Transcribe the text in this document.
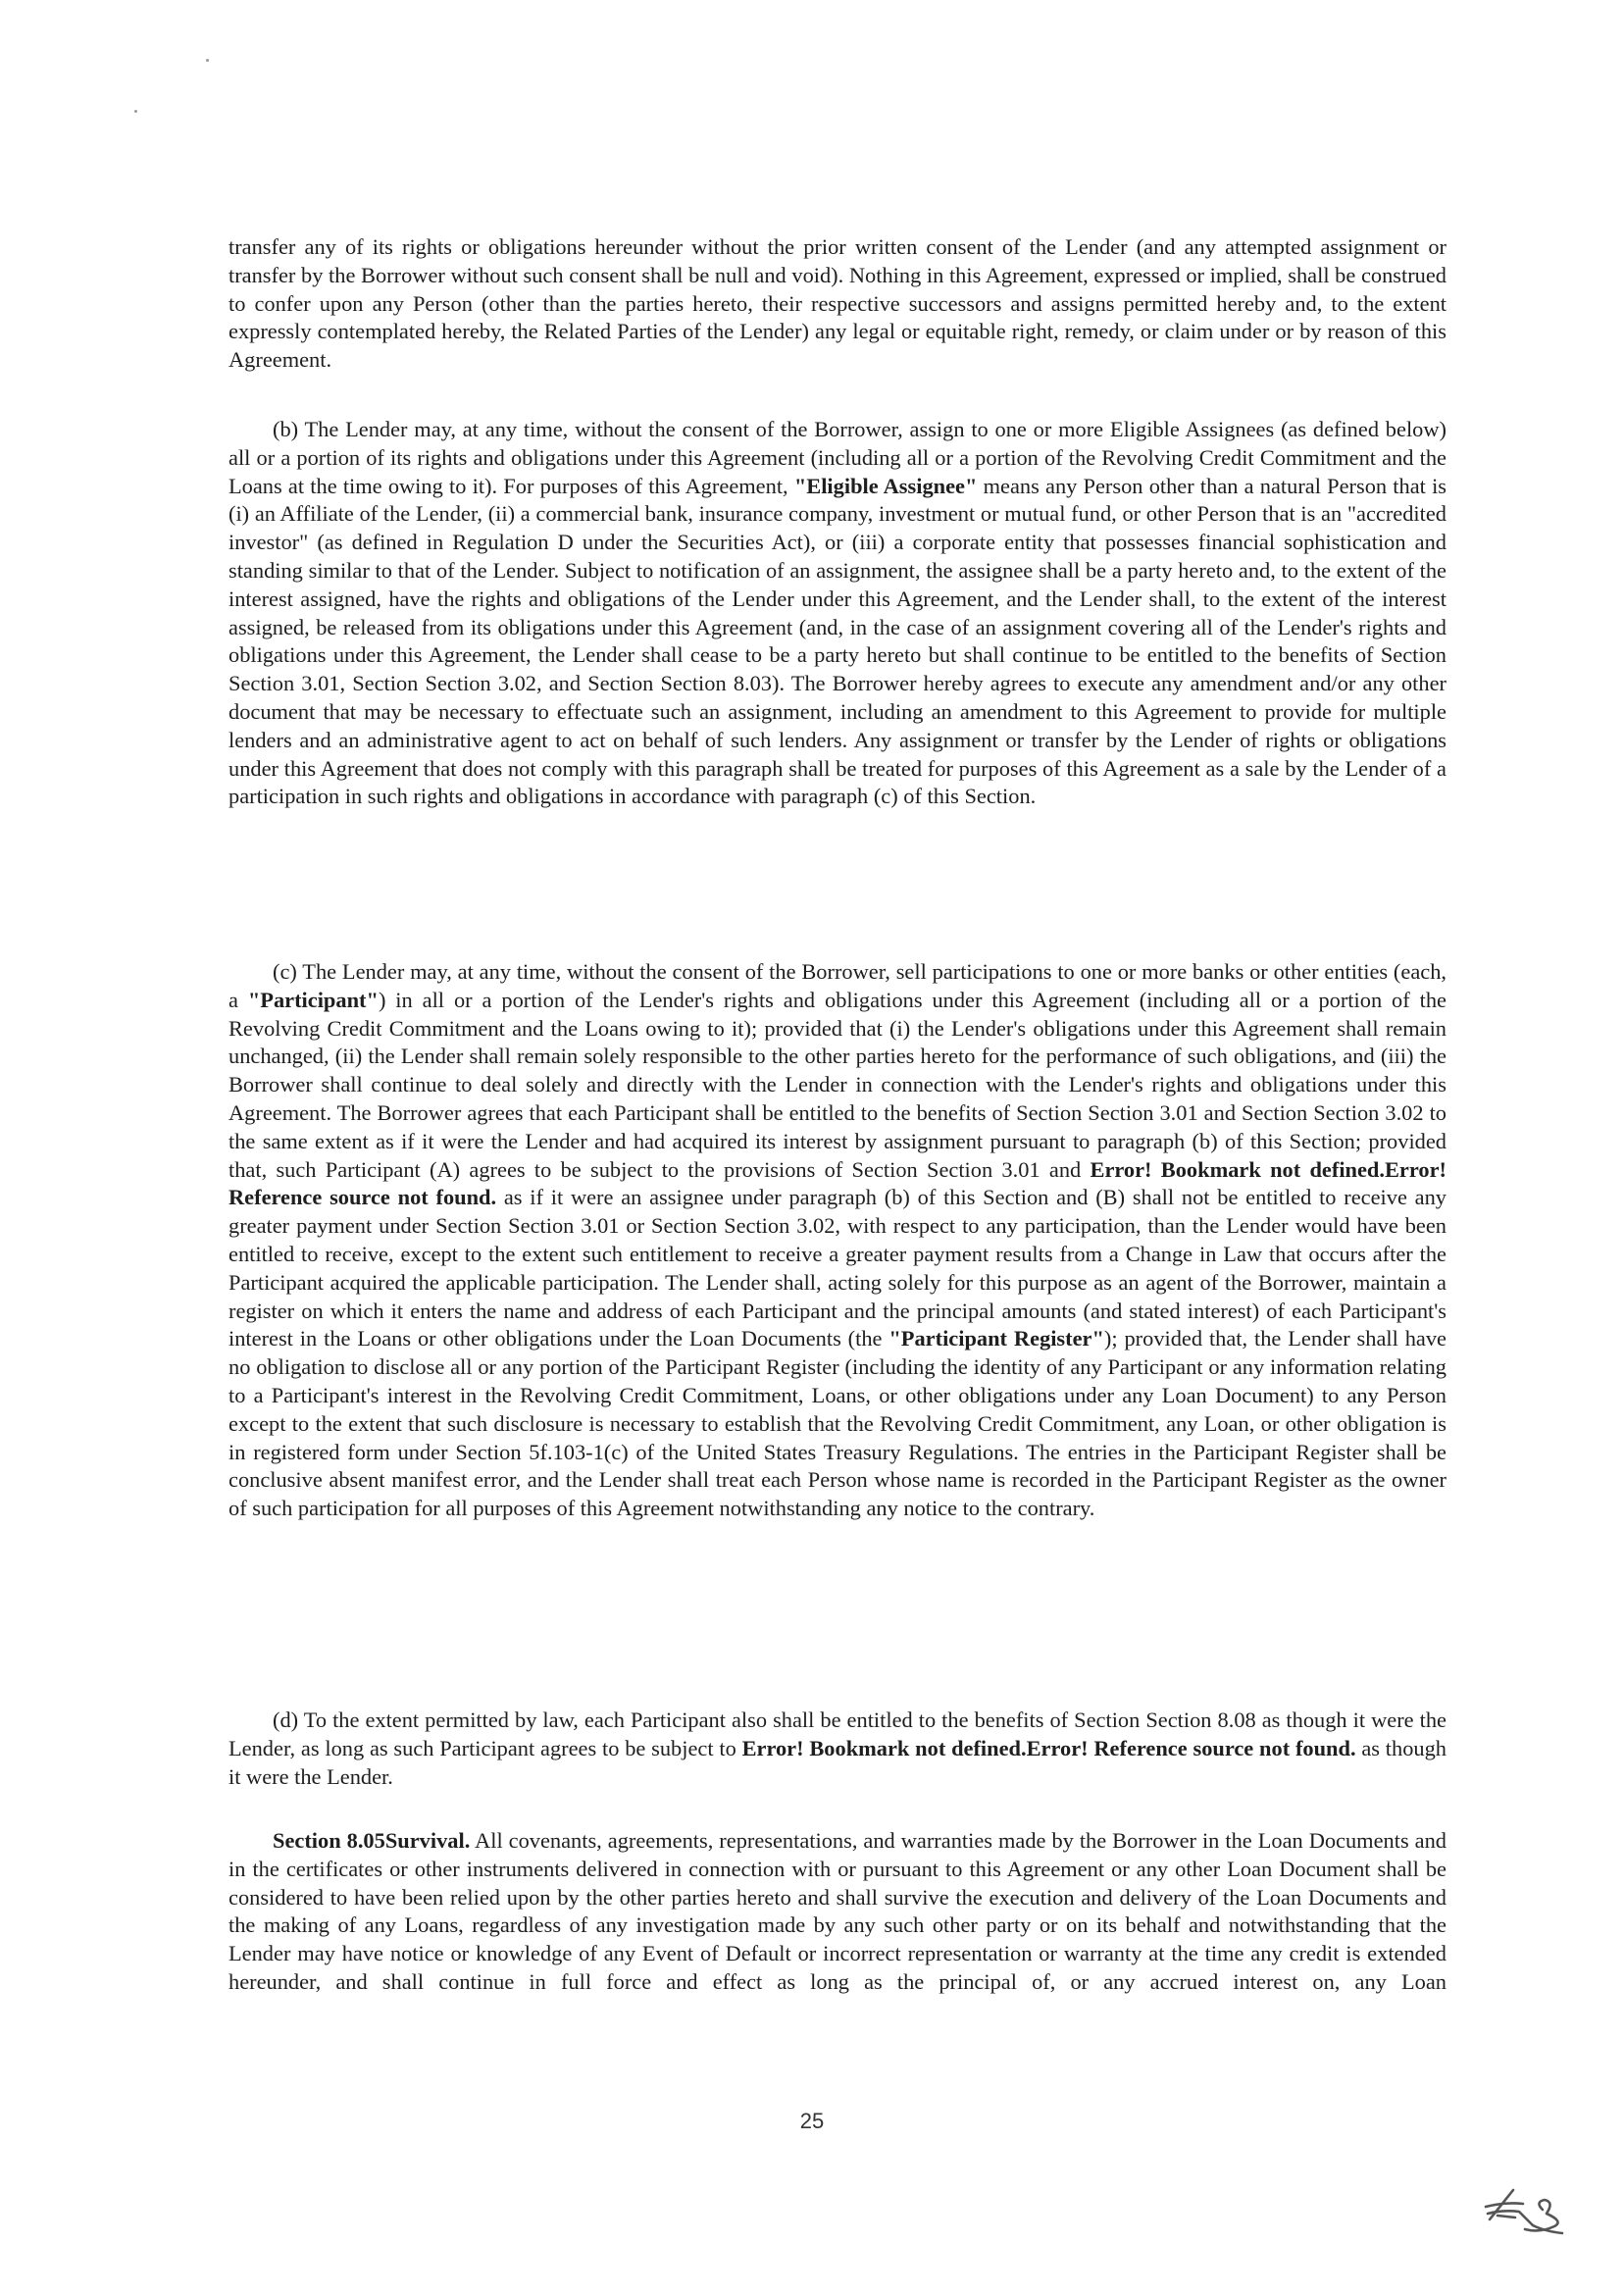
transfer any of its rights or obligations hereunder without the prior written consent of the Lender (and any attempted assignment or transfer by the Borrower without such consent shall be null and void). Nothing in this Agreement, expressed or implied, shall be construed to confer upon any Person (other than the parties hereto, their respective successors and assigns permitted hereby and, to the extent expressly contemplated hereby, the Related Parties of the Lender) any legal or equitable right, remedy, or claim under or by reason of this Agreement.

(b) The Lender may, at any time, without the consent of the Borrower, assign to one or more Eligible Assignees (as defined below) all or a portion of its rights and obligations under this Agreement (including all or a portion of the Revolving Credit Commitment and the Loans at the time owing to it). For purposes of this Agreement, "Eligible Assignee" means any Person other than a natural Person that is (i) an Affiliate of the Lender, (ii) a commercial bank, insurance company, investment or mutual fund, or other Person that is an "accredited investor" (as defined in Regulation D under the Securities Act), or (iii) a corporate entity that possesses financial sophistication and standing similar to that of the Lender. Subject to notification of an assignment, the assignee shall be a party hereto and, to the extent of the interest assigned, have the rights and obligations of the Lender under this Agreement, and the Lender shall, to the extent of the interest assigned, be released from its obligations under this Agreement (and, in the case of an assignment covering all of the Lender's rights and obligations under this Agreement, the Lender shall cease to be a party hereto but shall continue to be entitled to the benefits of Section Section 3.01, Section Section 3.02, and Section Section 8.03). The Borrower hereby agrees to execute any amendment and/or any other document that may be necessary to effectuate such an assignment, including an amendment to this Agreement to provide for multiple lenders and an administrative agent to act on behalf of such lenders. Any assignment or transfer by the Lender of rights or obligations under this Agreement that does not comply with this paragraph shall be treated for purposes of this Agreement as a sale by the Lender of a participation in such rights and obligations in accordance with paragraph (c) of this Section.

(c) The Lender may, at any time, without the consent of the Borrower, sell participations to one or more banks or other entities (each, a "Participant") in all or a portion of the Lender's rights and obligations under this Agreement (including all or a portion of the Revolving Credit Commitment and the Loans owing to it); provided that (i) the Lender's obligations under this Agreement shall remain unchanged, (ii) the Lender shall remain solely responsible to the other parties hereto for the performance of such obligations, and (iii) the Borrower shall continue to deal solely and directly with the Lender in connection with the Lender's rights and obligations under this Agreement. The Borrower agrees that each Participant shall be entitled to the benefits of Section Section 3.01 and Section Section 3.02 to the same extent as if it were the Lender and had acquired its interest by assignment pursuant to paragraph (b) of this Section; provided that, such Participant (A) agrees to be subject to the provisions of Section Section 3.01 and Error! Bookmark not defined.Error! Reference source not found. as if it were an assignee under paragraph (b) of this Section and (B) shall not be entitled to receive any greater payment under Section Section 3.01 or Section Section 3.02, with respect to any participation, than the Lender would have been entitled to receive, except to the extent such entitlement to receive a greater payment results from a Change in Law that occurs after the Participant acquired the applicable participation. The Lender shall, acting solely for this purpose as an agent of the Borrower, maintain a register on which it enters the name and address of each Participant and the principal amounts (and stated interest) of each Participant's interest in the Loans or other obligations under the Loan Documents (the "Participant Register"); provided that, the Lender shall have no obligation to disclose all or any portion of the Participant Register (including the identity of any Participant or any information relating to a Participant's interest in the Revolving Credit Commitment, Loans, or other obligations under any Loan Document) to any Person except to the extent that such disclosure is necessary to establish that the Revolving Credit Commitment, any Loan, or other obligation is in registered form under Section 5f.103-1(c) of the United States Treasury Regulations. The entries in the Participant Register shall be conclusive absent manifest error, and the Lender shall treat each Person whose name is recorded in the Participant Register as the owner of such participation for all purposes of this Agreement notwithstanding any notice to the contrary.

(d) To the extent permitted by law, each Participant also shall be entitled to the benefits of Section Section 8.08 as though it were the Lender, as long as such Participant agrees to be subject to Error! Bookmark not defined.Error! Reference source not found. as though it were the Lender.

Section 8.05Survival. All covenants, agreements, representations, and warranties made by the Borrower in the Loan Documents and in the certificates or other instruments delivered in connection with or pursuant to this Agreement or any other Loan Document shall be considered to have been relied upon by the other parties hereto and shall survive the execution and delivery of the Loan Documents and the making of any Loans, regardless of any investigation made by any such other party or on its behalf and notwithstanding that the Lender may have notice or knowledge of any Event of Default or incorrect representation or warranty at the time any credit is extended hereunder, and shall continue in full force and effect as long as the principal of, or any accrued interest on, any Loan

25
